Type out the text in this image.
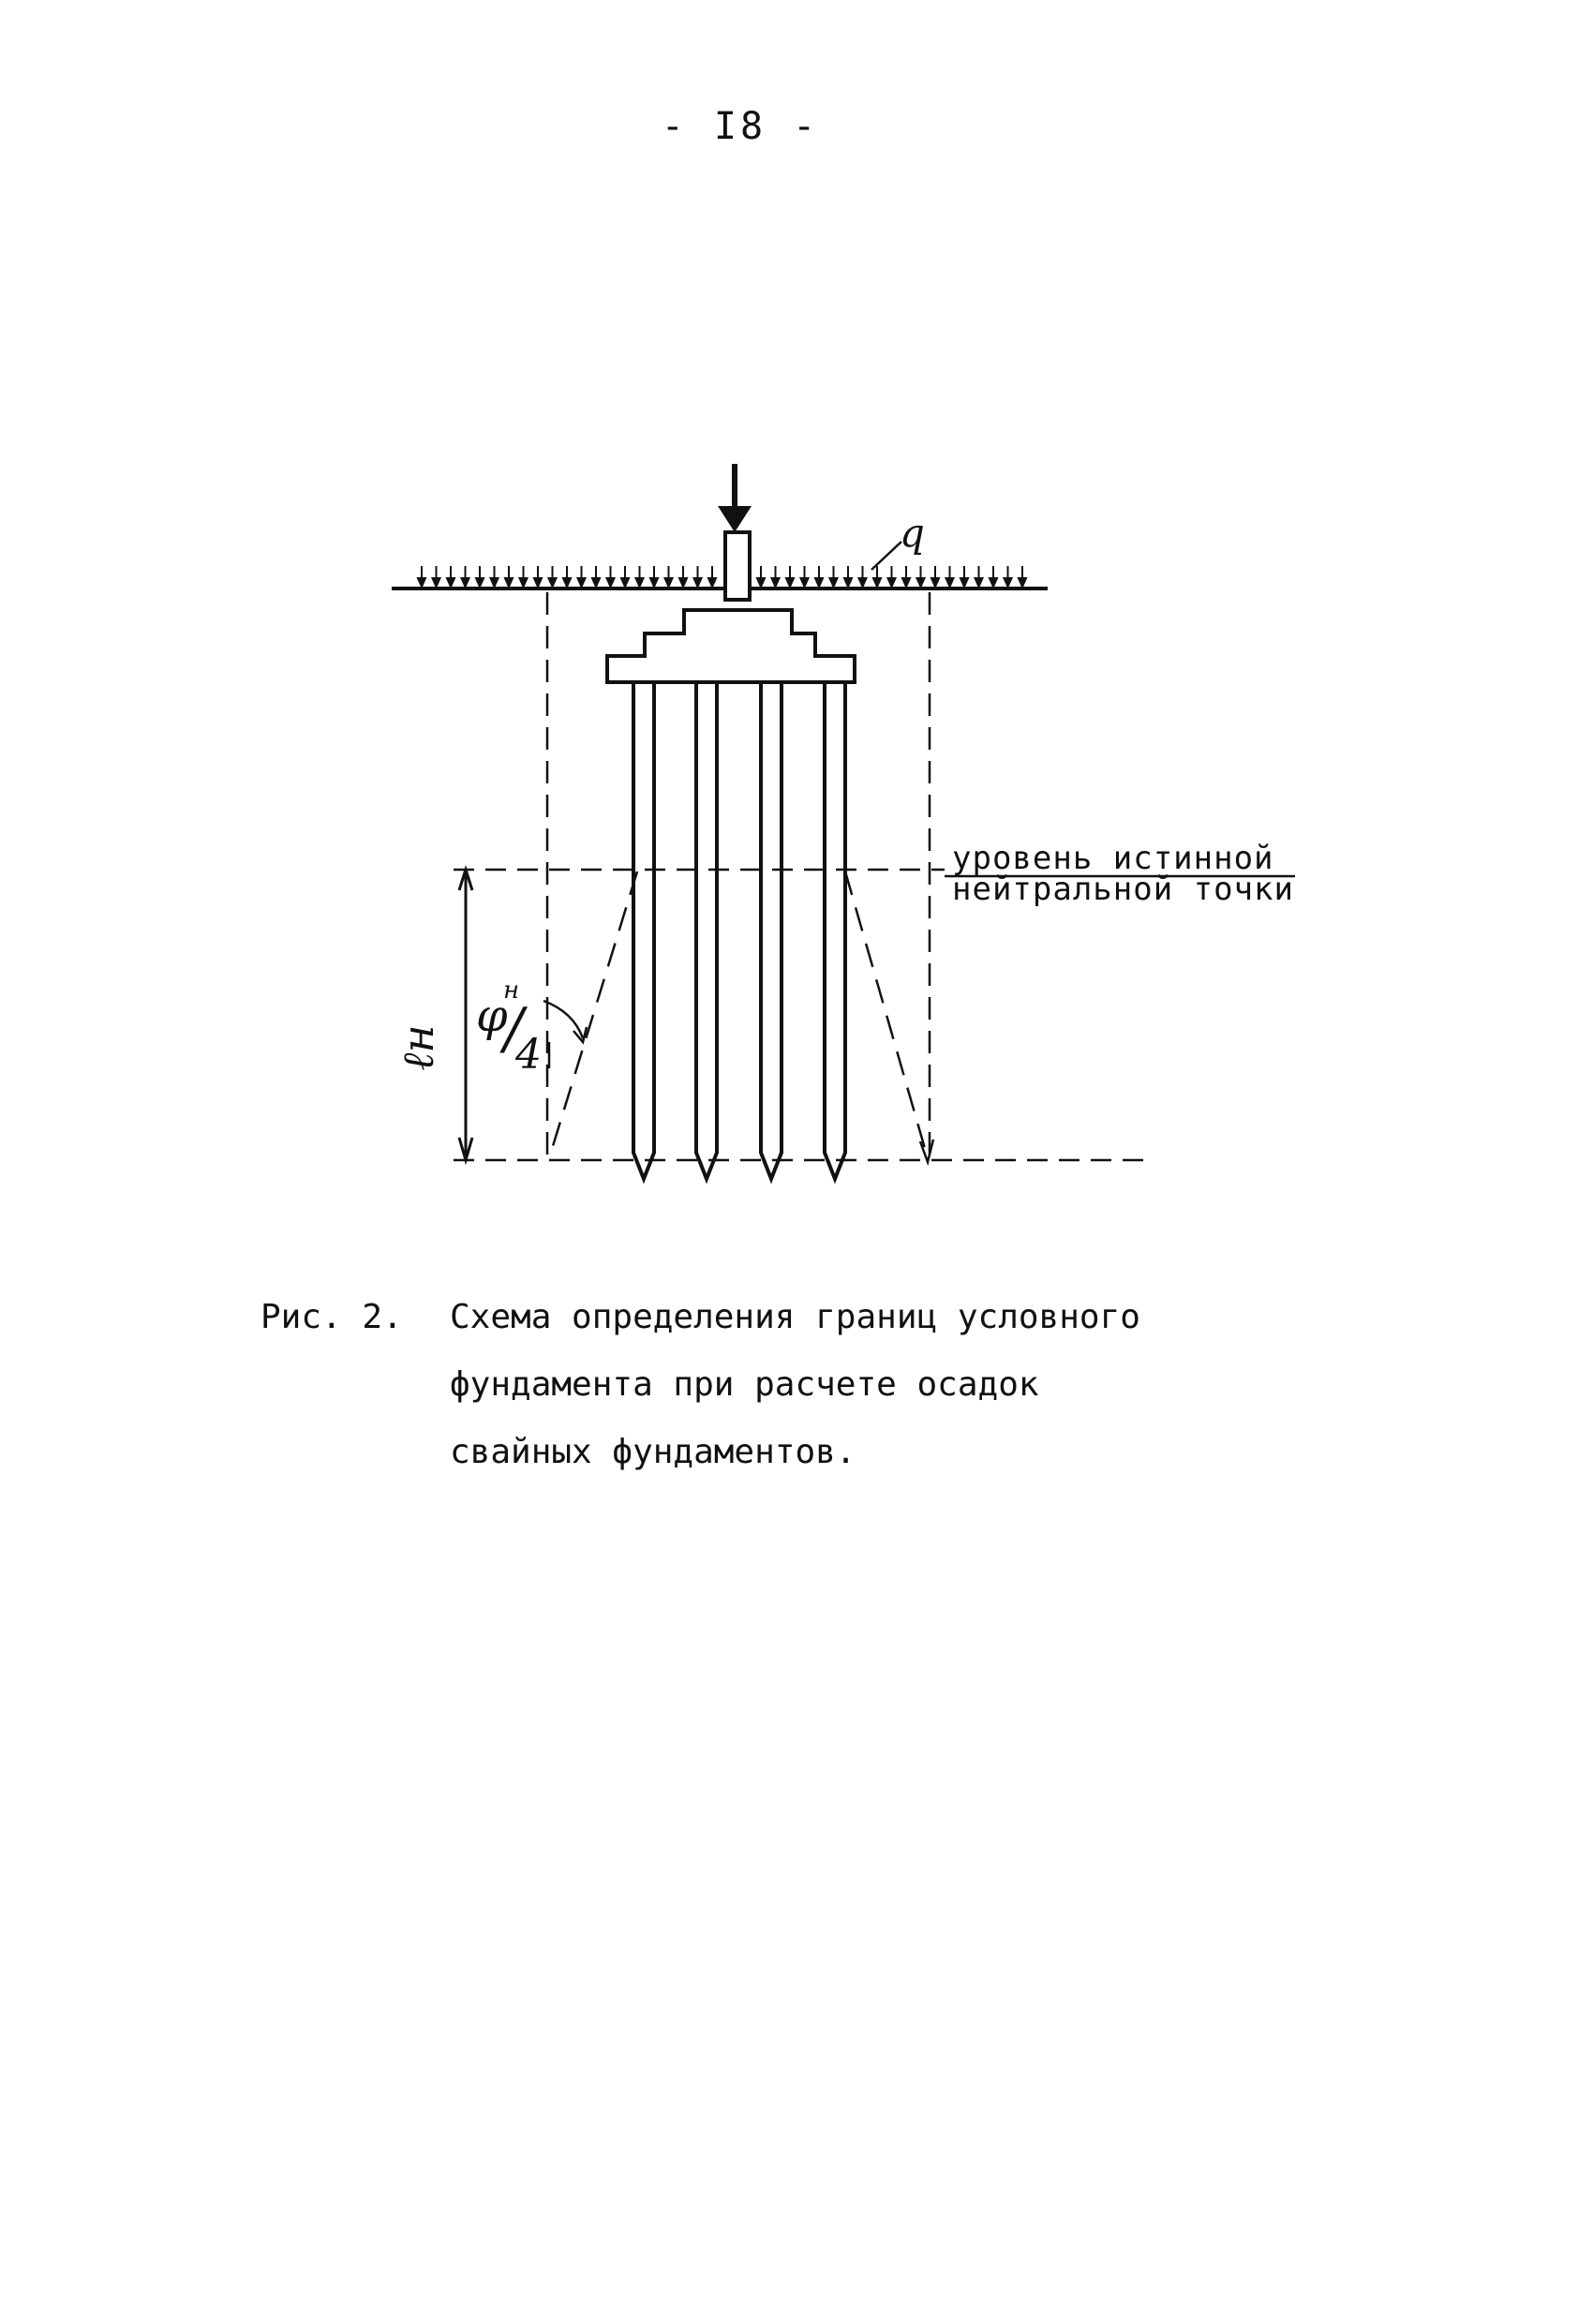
- I8 -
q
ℓн
φ
н
/
4
уровень истинной
нейтральной точки
Рис. 2. Схема определения границ условного
фундамента при расчете осадок
свайных фундаментов.
